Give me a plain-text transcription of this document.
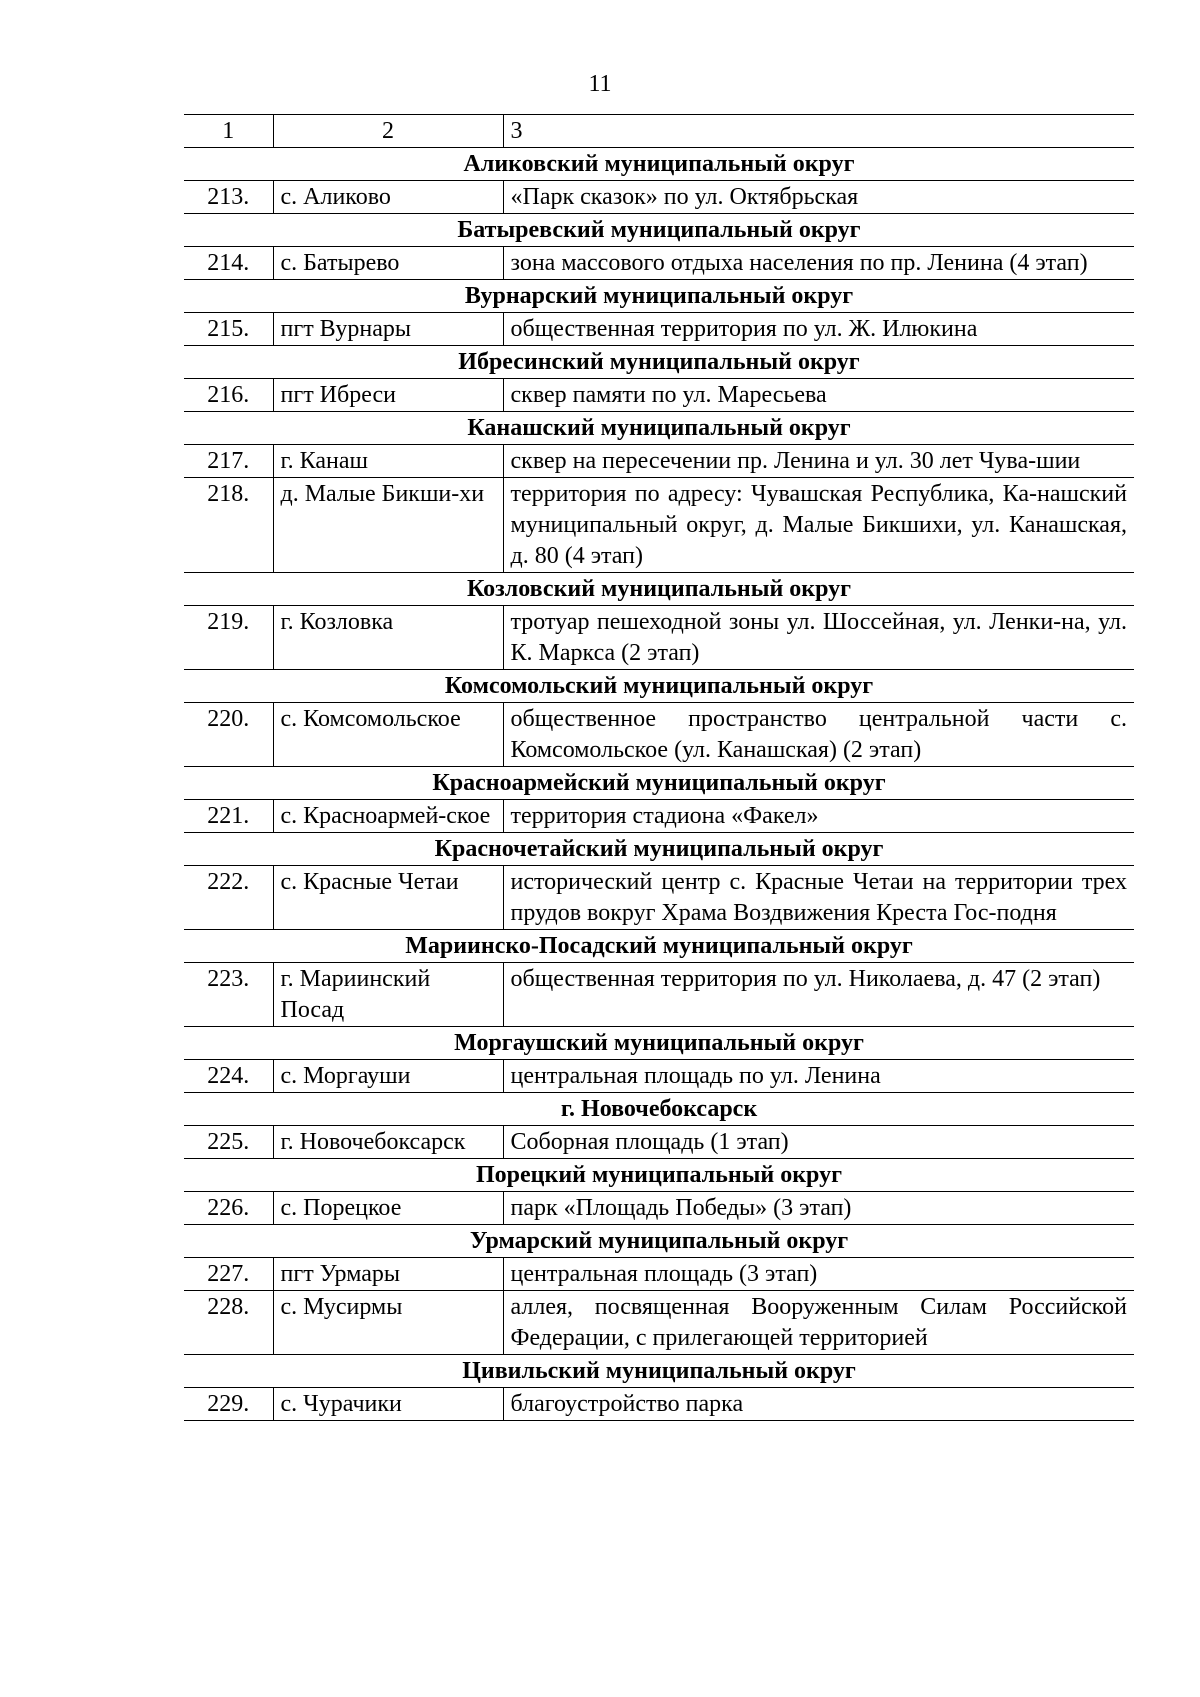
11
1	2	3
Аликовский муниципальный округ		
213.	с. Аликово	«Парк сказок» по ул. Октябрьская
Батыревский муниципальный округ		
214.	с. Батырево	зона массового отдыха населения по пр. Ленина (4 этап)
Вурнарский муниципальный округ		
215.	пгт Вурнары	общественная территория по ул. Ж. Илюкина
Ибресинский муниципальный округ		
216.	пгт Ибреси	сквер памяти по ул. Маресьева
Канашский муниципальный округ		
217.	г. Канаш	сквер на пересечении пр. Ленина и ул. 30 лет Чува-шии
218.	д. Малые Бикши-хи	территория по адресу: Чувашская Республика, Ка-нашский муниципальный округ, д. Малые Бикшихи, ул. Канашская, д. 80 (4 этап)
Козловский муниципальный округ		
219.	г. Козловка	тротуар пешеходной зоны ул. Шоссейная, ул. Ленки-на, ул. К. Маркса (2 этап)
Комсомольский муниципальный округ		
220.	с. Комсомольское	общественное пространство центральной части с. Комсомольское (ул. Канашская) (2 этап)
Красноармейский муниципальный округ		
221.	с. Красноармей-ское	территория стадиона «Факел»
Красночетайский муниципальный округ		
222.	с. Красные Четаи	исторический центр с. Красные Четаи на территории трех прудов вокруг Храма Воздвижения Креста Гос-подня
Мариинско-Посадский муниципальный округ		
223.	г. Мариинский Посад	общественная территория по ул. Николаева, д. 47 (2 этап)
Моргаушский муниципальный округ		
224.	с. Моргауши	центральная площадь по ул. Ленина
г. Новочебоксарск		
225.	г. Новочебоксарск	Соборная площадь (1 этап)
Порецкий муниципальный округ		
226.	с. Порецкое	парк «Площадь Победы» (3 этап)
Урмарский муниципальный округ		
227.	пгт Урмары	центральная площадь (3 этап)
228.	с. Мусирмы	аллея, посвященная Вооруженным Силам Российской Федерации, с прилегающей территорией
Цивильский муниципальный округ		
229.	с. Чурачики	благоустройство парка
